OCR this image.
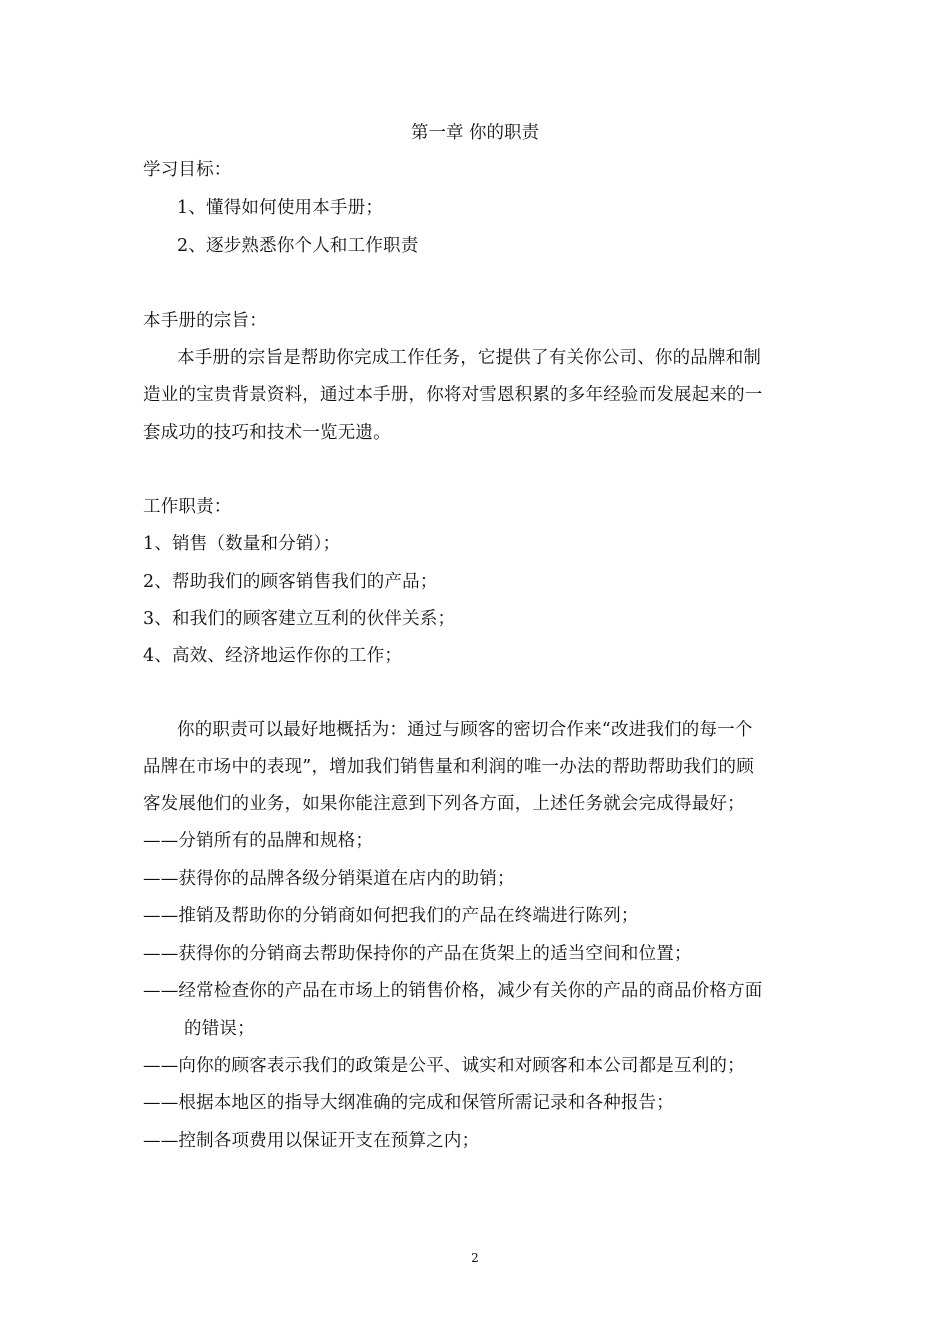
第一章 你的职责
学习目标：
1、懂得如何使用本手册；
2、逐步熟悉你个人和工作职责
本手册的宗旨：
本手册的宗旨是帮助你完成工作任务，它提供了有关你公司、你的品牌和制
造业的宝贵背景资料，通过本手册，你将对雪恩积累的多年经验而发展起来的一
套成功的技巧和技术一览无遗。
工作职责：
1、销售（数量和分销）；
2、帮助我们的顾客销售我们的产品；
3、和我们的顾客建立互利的伙伴关系；
4、高效、经济地运作你的工作；
你的职责可以最好地概括为：通过与顾客的密切合作来“改进我们的每一个
品牌在市场中的表现”，增加我们销售量和利润的唯一办法的帮助帮助我们的顾
客发展他们的业务，如果你能注意到下列各方面，上述任务就会完成得最好；
——分销所有的品牌和规格；
——获得你的品牌各级分销渠道在店内的助销；
——推销及帮助你的分销商如何把我们的产品在终端进行陈列；
——获得你的分销商去帮助保持你的产品在货架上的适当空间和位置；
——经常检查你的产品在市场上的销售价格，减少有关你的产品的商品价格方面
的错误；
——向你的顾客表示我们的政策是公平、诚实和对顾客和本公司都是互利的；
——根据本地区的指导大纲准确的完成和保管所需记录和各种报告；
——控制各项费用以保证开支在预算之内；
2
